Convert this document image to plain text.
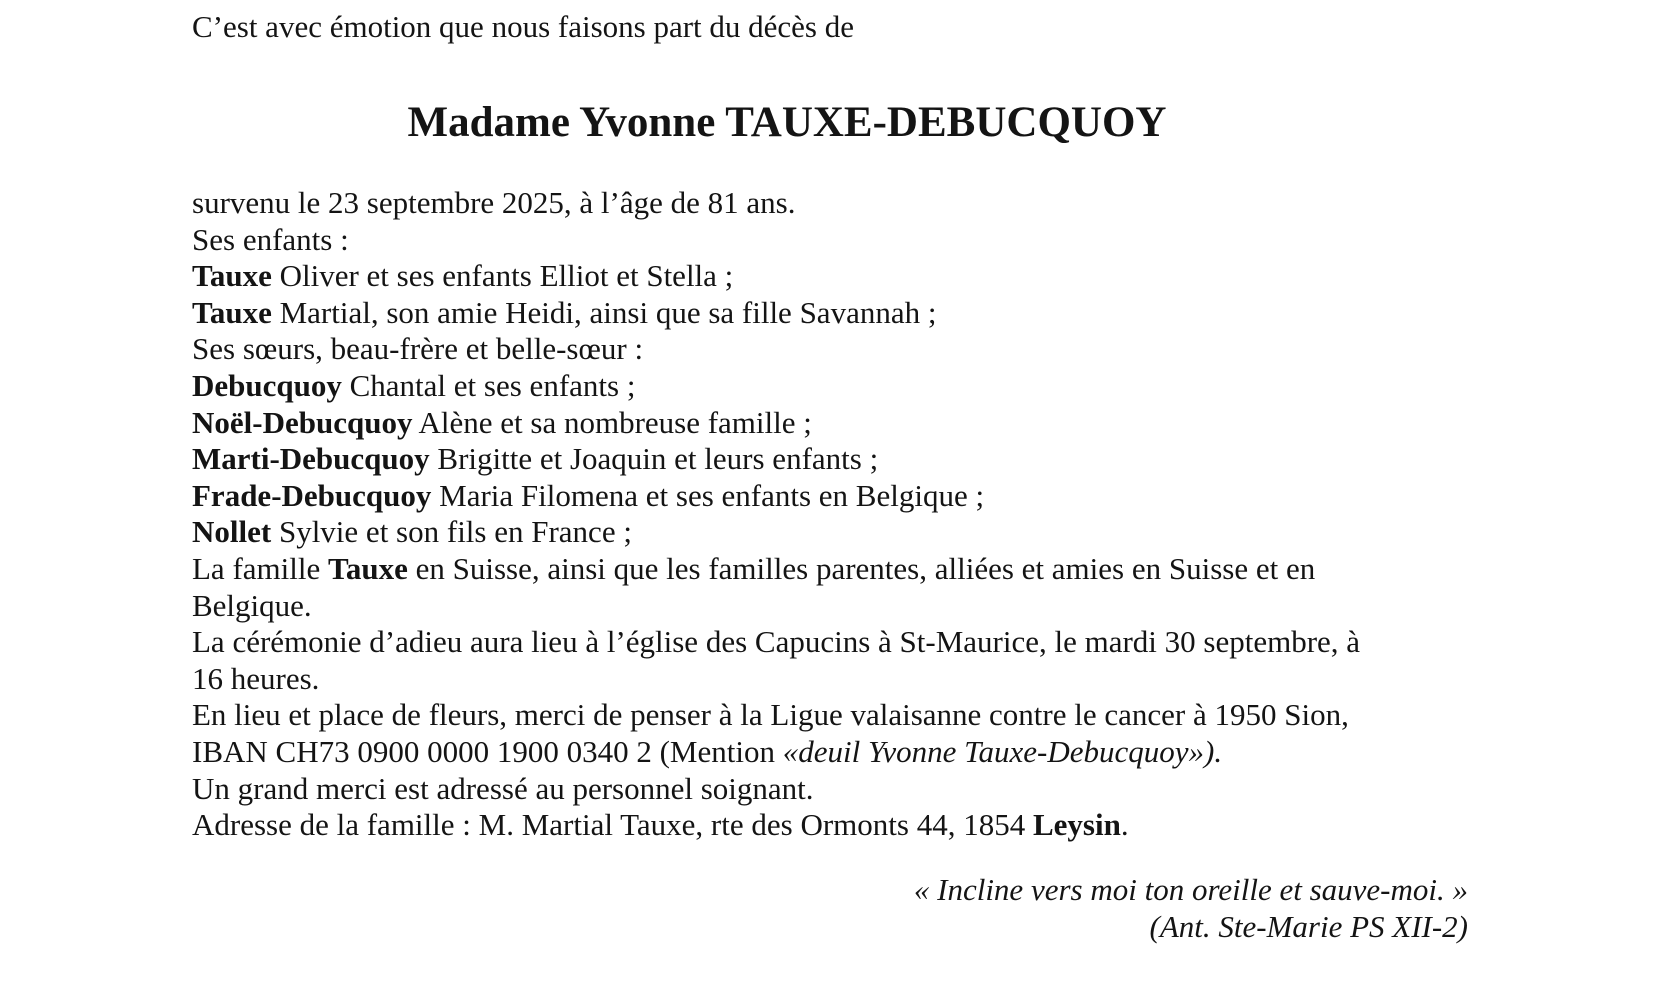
C’est avec émotion que nous faisons part du décès de
Madame Yvonne TAUXE-DEBUCQUOY
survenu le 23 septembre 2025, à l’âge de 81 ans.
Ses enfants :
Tauxe Oliver et ses enfants Elliot et Stella ;
Tauxe Martial, son amie Heidi, ainsi que sa fille Savannah ;
Ses sœurs, beau-frère et belle-sœur :
Debucquoy Chantal et ses enfants ;
Noël-Debucquoy Alène et sa nombreuse famille ;
Marti-Debucquoy Brigitte et Joaquin et leurs enfants ;
Frade-Debucquoy Maria Filomena et ses enfants en Belgique ;
Nollet Sylvie et son fils en France ;
La famille Tauxe en Suisse, ainsi que les familles parentes, alliées et amies en Suisse et en
Belgique.
La cérémonie d’adieu aura lieu à l’église des Capucins à St-Maurice, le mardi 30 septembre, à
16 heures.
En lieu et place de fleurs, merci de penser à la Ligue valaisanne contre le cancer à 1950 Sion,
IBAN CH73 0900 0000 1900 0340 2 (Mention «deuil Yvonne Tauxe-Debucquoy»).
Un grand merci est adressé au personnel soignant.
Adresse de la famille : M. Martial Tauxe, rte des Ormonts 44, 1854 Leysin.
« Incline vers moi ton oreille et sauve-moi. »
(Ant. Ste-Marie PS XII-2)
